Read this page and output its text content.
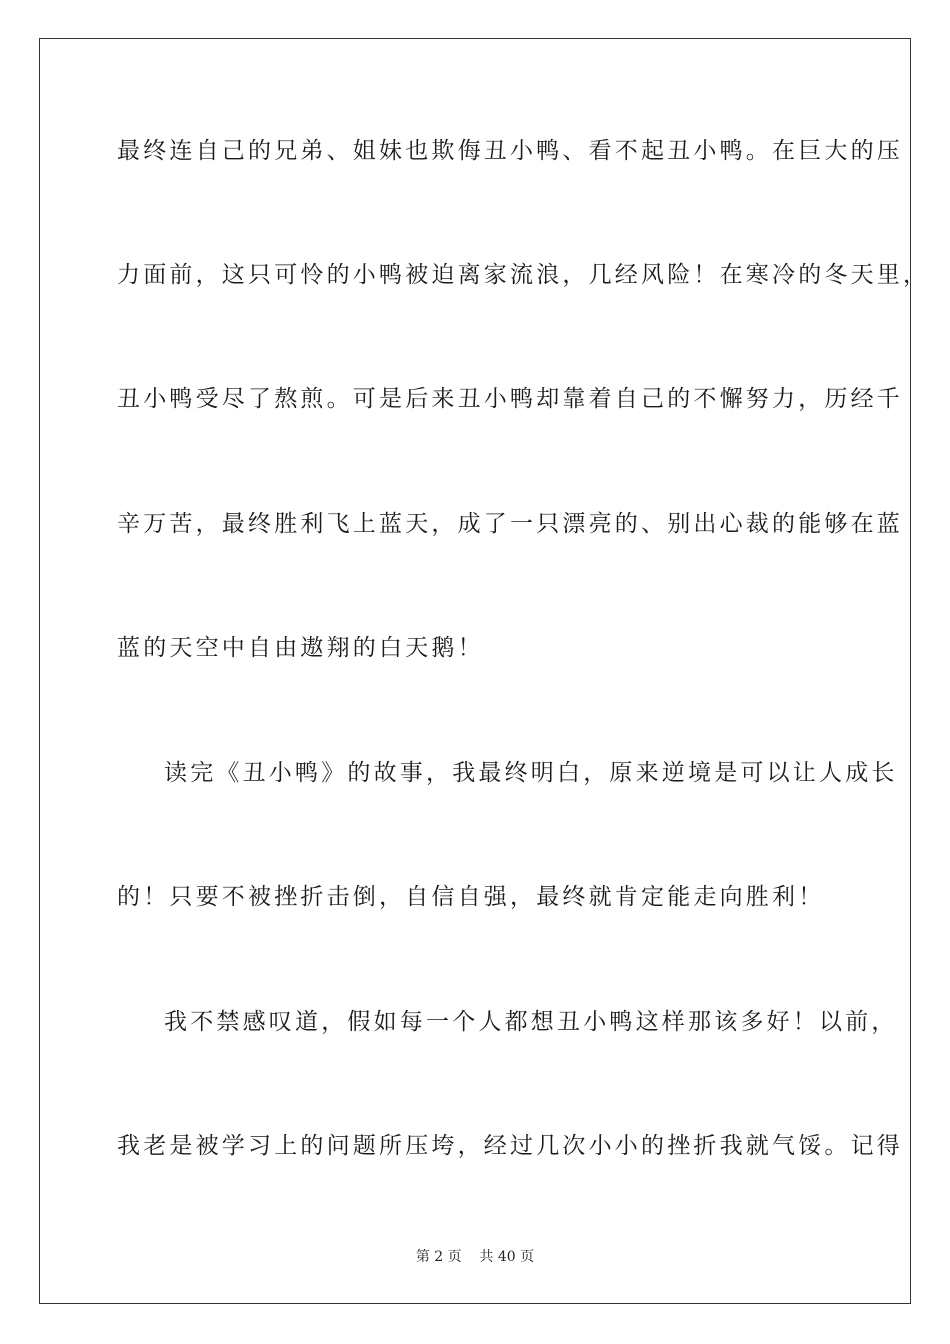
最终连自己的兄弟、姐妹也欺侮丑小鸭、看不起丑小鸭。在巨大的压
力面前，这只可怜的小鸭被迫离家流浪，几经风险！在寒冷的冬天里，
丑小鸭受尽了熬煎。可是后来丑小鸭却靠着自己的不懈努力，历经千
辛万苦，最终胜利飞上蓝天，成了一只漂亮的、别出心裁的能够在蓝
蓝的天空中自由遨翔的白天鹅！
读完《丑小鸭》的故事，我最终明白，原来逆境是可以让人成长
的！只要不被挫折击倒，自信自强，最终就肯定能走向胜利！
我不禁感叹道，假如每一个人都想丑小鸭这样那该多好！以前，
我老是被学习上的问题所压垮，经过几次小小的挫折我就气馁。记得
第 2 页    共 40 页
